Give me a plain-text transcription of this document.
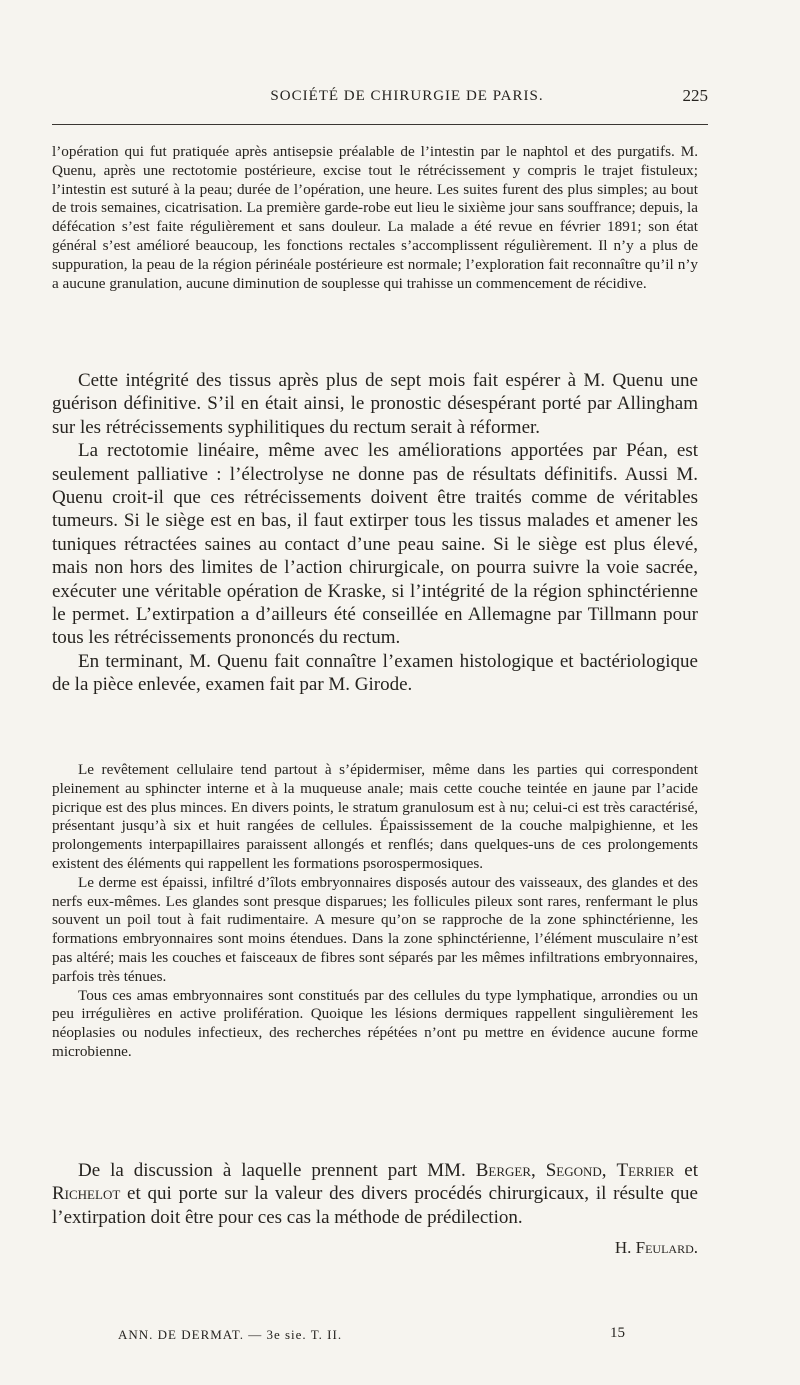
SOCIÉTÉ DE CHIRURGIE DE PARIS.	225

l’opération qui fut pratiquée après antisepsie préalable de l’intestin par le naphtol et des purgatifs. M. Quenu, après une rectotomie postérieure, excise tout le rétrécissement y compris le trajet fistuleux; l’intestin est suturé à la peau; durée de l’opération, une heure. Les suites furent des plus simples; au bout de trois semaines, cicatrisation. La première garde-robe eut lieu le sixième jour sans souffrance; depuis, la défécation s’est faite régulièrement et sans douleur. La malade a été revue en février 1891; son état général s’est amélioré beaucoup, les fonctions rectales s’accomplissent régulièrement. Il n’y a plus de suppuration, la peau de la région périnéale postérieure est normale; l’exploration fait reconnaître qu’il n’y a aucune granulation, aucune diminution de souplesse qui trahisse un commencement de récidive.

Cette intégrité des tissus après plus de sept mois fait espérer à M. Quenu une guérison définitive. S’il en était ainsi, le pronostic désespérant porté par Allingham sur les rétrécissements syphilitiques du rectum serait à réformer.

La rectotomie linéaire, même avec les améliorations apportées par Péan, est seulement palliative : l’électrolyse ne donne pas de résultats définitifs. Aussi M. Quenu croit-il que ces rétrécissements doivent être traités comme de véritables tumeurs. Si le siège est en bas, il faut extirper tous les tissus malades et amener les tuniques rétractées saines au contact d’une peau saine. Si le siège est plus élevé, mais non hors des limites de l’action chirurgicale, on pourra suivre la voie sacrée, exécuter une véritable opération de Kraske, si l’intégrité de la région sphinctérienne le permet. L’extirpation a d’ailleurs été conseillée en Allemagne par Tillmann pour tous les rétrécissements prononcés du rectum.

En terminant, M. Quenu fait connaître l’examen histologique et bactériologique de la pièce enlevée, examen fait par M. Girode.

Le revêtement cellulaire tend partout à s’épidermiser, même dans les parties qui correspondent pleinement au sphincter interne et à la muqueuse anale; mais cette couche teintée en jaune par l’acide picrique est des plus minces. En divers points, le stratum granulosum est à nu; celui-ci est très caractérisé, présentant jusqu’à six et huit rangées de cellules. Épaississement de la couche malpighienne, et les prolongements interpapillaires paraissent allongés et renflés; dans quelques-uns de ces prolongements existent des éléments qui rappellent les formations psorospermosiques.

Le derme est épaissi, infiltré d’îlots embryonnaires disposés autour des vaisseaux, des glandes et des nerfs eux-mêmes. Les glandes sont presque disparues; les follicules pileux sont rares, renfermant le plus souvent un poil tout à fait rudimentaire. A mesure qu’on se rapproche de la zone sphinctérienne, les formations embryonnaires sont moins étendues. Dans la zone sphinctérienne, l’élément musculaire n’est pas altéré; mais les couches et faisceaux de fibres sont séparés par les mêmes infiltrations embryonnaires, parfois très ténues.

Tous ces amas embryonnaires sont constitués par des cellules du type lymphatique, arrondies ou un peu irrégulières en active prolifération. Quoique les lésions dermiques rappellent singulièrement les néoplasies ou nodules infectieux, des recherches répétées n’ont pu mettre en évidence aucune forme microbienne.

De la discussion à laquelle prennent part MM. Berger, Segond, Terrier et Richelot et qui porte sur la valeur des divers procédés chirurgicaux, il résulte que l’extirpation doit être pour ces cas la méthode de prédilection.

H. Feulard.
ANN. DE DERMAT. — 3e sie. T. II.	15
